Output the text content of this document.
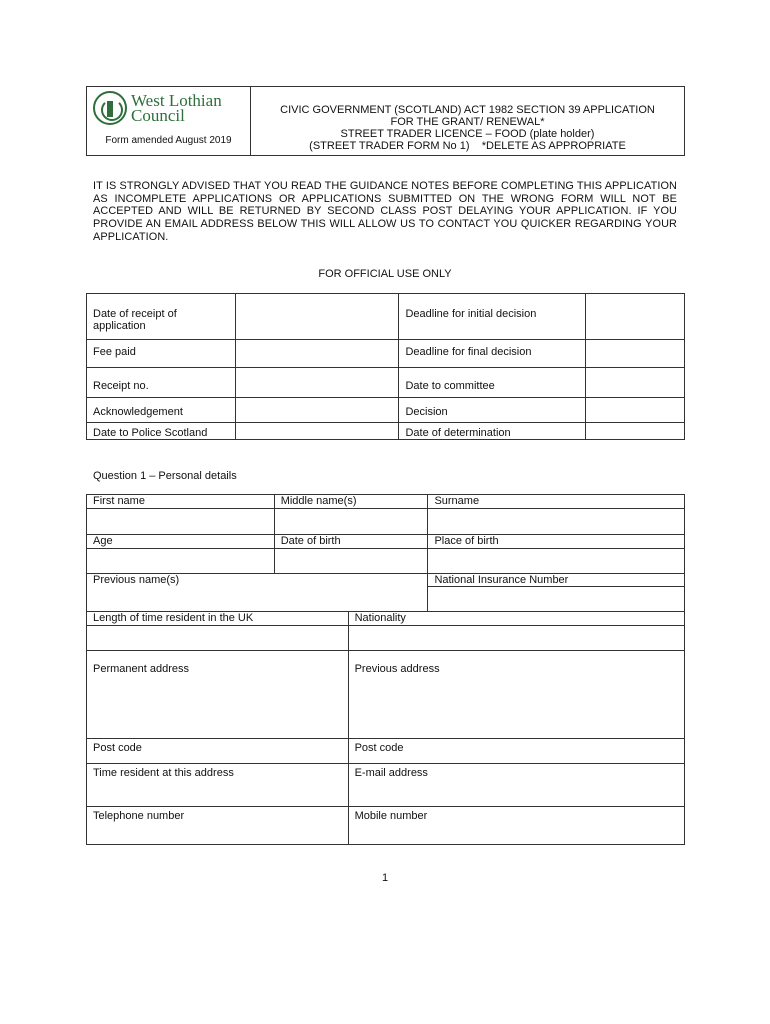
West Lothian
Council
Form amended August 2019

CIVIC GOVERNMENT (SCOTLAND) ACT 1982 SECTION 39 APPLICATION
FOR THE GRANT/ RENEWAL*
STREET TRADER LICENCE – FOOD (plate holder)
(STREET TRADER FORM No 1)    *DELETE AS APPROPRIATE

IT IS STRONGLY ADVISED THAT YOU READ THE GUIDANCE NOTES BEFORE COMPLETING THIS APPLICATION AS INCOMPLETE APPLICATIONS OR APPLICATIONS SUBMITTED ON THE WRONG FORM WILL NOT BE ACCEPTED AND WILL BE RETURNED BY SECOND CLASS POST DELAYING YOUR APPLICATION. IF YOU PROVIDE AN EMAIL ADDRESS BELOW THIS WILL ALLOW US TO CONTACT YOU QUICKER REGARDING YOUR APPLICATION.

FOR OFFICIAL USE ONLY

Date of receipt of application		Deadline for initial decision	
Fee paid		Deadline for final decision	
Receipt no.		Date to committee	
Acknowledgement		Decision	
Date to Police Scotland		Date of determination	

Question 1 – Personal details

First name	Middle name(s)		Surname

Age	Date of birth		Place of birth

Previous name(s)			National Insurance Number

Length of time resident in the UK		Nationality	

Permanent address		Previous address	
Post code		Post code	
Time resident at this address		E-mail address	
Telephone number		Mobile number	

1
